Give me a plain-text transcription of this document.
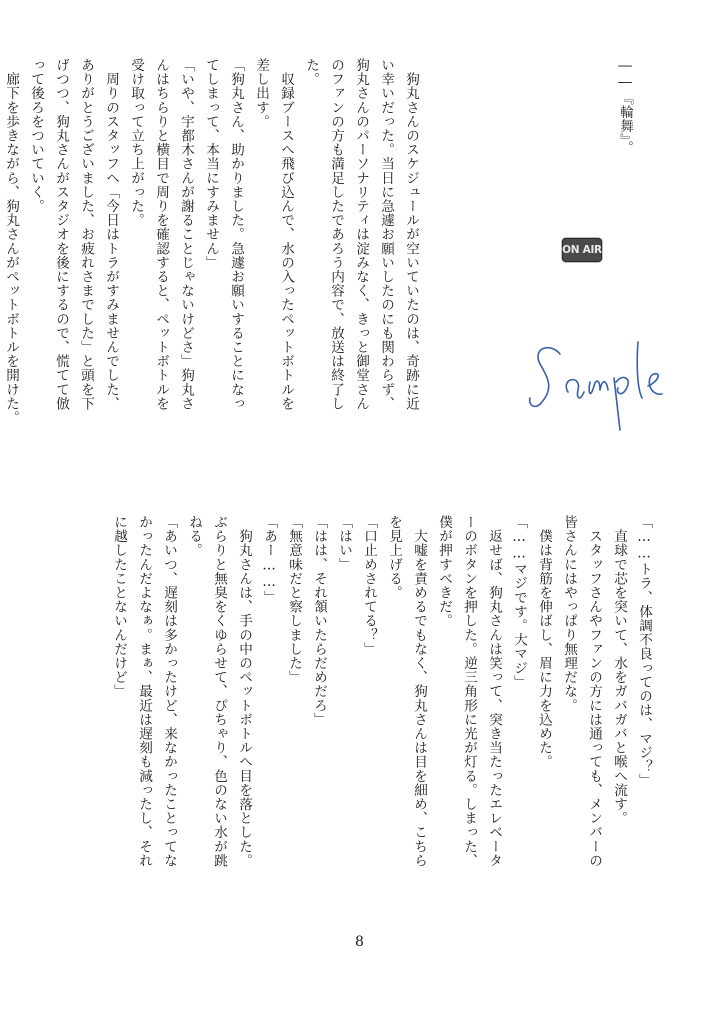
――『輪舞』。
ON AIR
　狗丸さんのスケジュールが空いていたのは、奇跡に近
い幸いだった。当日に急遽お願いしたのにも関わらず、
狗丸さんのパーソナリティは淀みなく、きっと御堂さん
のファンの方も満足したであろう内容で、放送は終了し
た。
　収録ブースへ飛び込んで、水の入ったペットボトルを
差し出す。
「狗丸さん、助かりました。急遽お願いすることになっ
てしまって、本当にすみません」
「いや、宇都木さんが謝ることじゃないけどさ」狗丸さ
んはちらりと横目で周りを確認すると、ペットボトルを
受け取って立ち上がった。
　周りのスタッフへ「今日はトラがすみませんでした、
ありがとうございました、お疲れさまでした」と頭を下
げつつ、狗丸さんがスタジオを後にするので、慌てて倣
って後ろをついていく。
　廊下を歩きながら、狗丸さんがペットボトルを開けた。
「……トラ、体調不良ってのは、マジ？」
　直球で芯を突いて、水をガバガバと喉へ流す。
　スタッフさんやファンの方には通っても、メンバーの
皆さんにはやっぱり無理だな。
　僕は背筋を伸ばし、眉に力を込めた。
「……マジです。大マジ」
　返せば、狗丸さんは笑って、突き当たったエレベータ
ーのボタンを押した。逆三角形に光が灯る。しまった、
僕が押すべきだ。
　大嘘を責めるでもなく、狗丸さんは目を細め、こちら
を見上げる。
「口止めされてる？」
「はい」
「はは、それ頷いたらだめだろ」
「無意味だと察しました」
「あー……」
　狗丸さんは、手の中のペットボトルへ目を落とした。
ぶらりと無臭をくゆらせて、ぴちゃり、色のない水が跳
ねる。
「あいつ、遅刻は多かったけど、来なかったことってな
かったんだよなぁ。まぁ、最近は遅刻も減ったし、それ
に越したことないんだけど」
8
